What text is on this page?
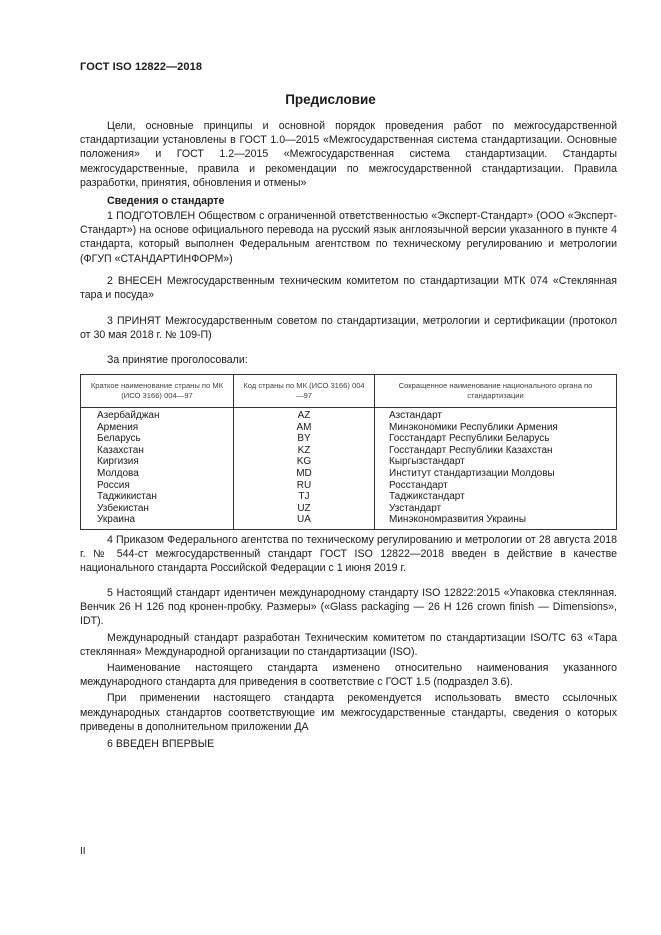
ГОСТ ISO 12822—2018
Предисловие

Цели, основные принципы и основной порядок проведения работ по межгосударственной стандартизации установлены в ГОСТ 1.0—2015 «Межгосударственная система стандартизации. Основные положения» и ГОСТ 1.2—2015 «Межгосударственная система стандартизации. Стандарты межгосударственные, правила и рекомендации по межгосударственной стандартизации. Правила разработки, принятия, обновления и отмены»

Сведения о стандарте

1 ПОДГОТОВЛЕН Обществом с ограниченной ответственностью «Эксперт-Стандарт» (ООО «Эксперт-Стандарт») на основе официального перевода на русский язык англоязычной версии указанного в пункте 4 стандарта, который выполнен Федеральным агентством по техническому регулированию и метрологии (ФГУП «СТАНДАРТИНФОРМ»)

2 ВНЕСЕН Межгосударственным техническим комитетом по стандартизации МТК 074 «Стеклянная тара и посуда»

3 ПРИНЯТ Межгосударственным советом по стандартизации, метрологии и сертификации (протокол от 30 мая 2018 г. № 109-П)

За принятие проголосовали:

Краткое наименование страны по МК (ИСО 3166) 004—97	Код страны по МК (ИСО 3166) 004—97	Сокращенное наименование национального органа по стандартизации
Азербайджан	AZ	Азстандарт
Армения	AM	Минэкономики Республики Армения
Беларусь	BY	Госстандарт Республики Беларусь
Казахстан	KZ	Госстандарт Республики Казахстан
Киргизия	KG	Кыргызстандарт
Молдова	MD	Институт стандартизации Молдовы
Россия	RU	Росстандарт
Таджикистан	TJ	Таджикстандарт
Узбекистан	UZ	Узстандарт
Украина	UA	Минэкономразвития Украины

4 Приказом Федерального агентства по техническому регулированию и метрологии от 28 августа 2018 г. № 544-ст межгосударственный стандарт ГОСТ ISO 12822—2018 введен в действие в качестве национального стандарта Российской Федерации с 1 июня 2019 г.

5 Настоящий стандарт идентичен международному стандарту ISO 12822:2015 «Упаковка стеклянная. Венчик 26 Н 126 под кронен-пробку. Размеры» («Glass packaging — 26 H 126 crown finish — Dimensions», IDT).

Международный стандарт разработан Техническим комитетом по стандартизации ISO/TC 63 «Тара стеклянная» Международной организации по стандартизации (ISO).

Наименование настоящего стандарта изменено относительно наименования указанного международного стандарта для приведения в соответствие с ГОСТ 1.5 (подраздел 3.6).

При применении настоящего стандарта рекомендуется использовать вместо ссылочных международных стандартов соответствующие им межгосударственные стандарты, сведения о которых приведены в дополнительном приложении ДА

6 ВВЕДЕН ВПЕРВЫЕ

II
